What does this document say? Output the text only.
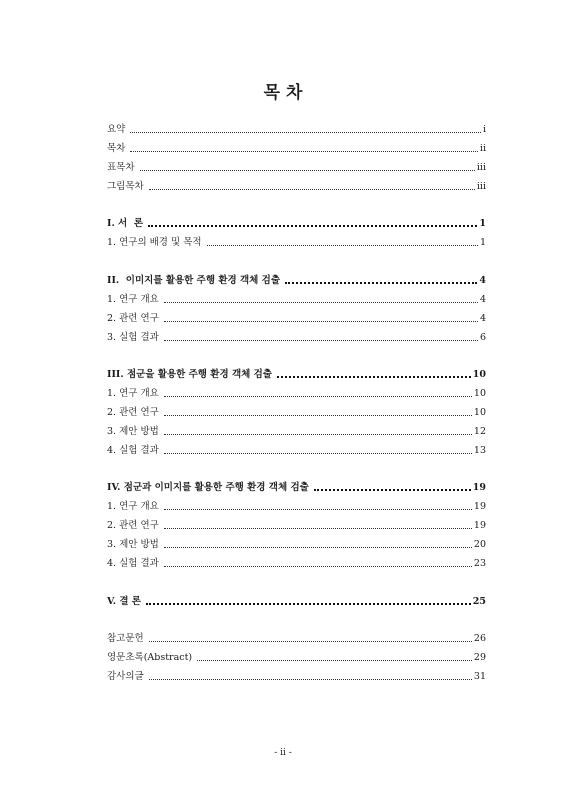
목 차
요약	i
목차	ii
표목차	iii
그림목차	iii
I. 서  론	1
1. 연구의 배경 및 목적	1
II.  이미지를 활용한 주행 환경 객체 검출	4
1. 연구 개요	4
2. 관련 연구	4
3. 실험 결과	6
III. 점군을 활용한 주행 환경 객체 검출	10
1. 연구 개요	10
2. 관련 연구	10
3. 제안 방법	12
4. 실험 결과	13
IV. 점군과 이미지를 활용한 주행 환경 객체 검출	19
1. 연구 개요	19
2. 관련 연구	19
3. 제안 방법	20
4. 실험 결과	23
V. 결 론	25
참고문헌	26
영문초록(Abstract)	29
감사의글	31
- ii -
